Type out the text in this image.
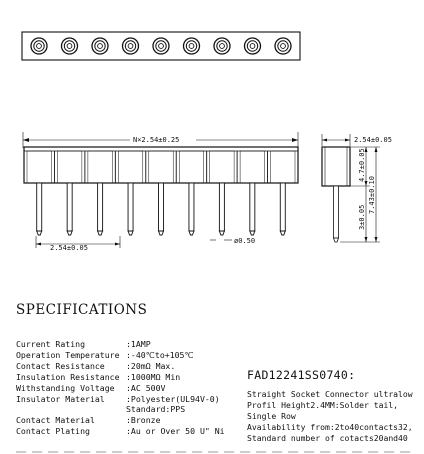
N×2.54±0.25
2.54±0.05
ø0.50
2.54±0.05
4.7±0.05
3±0.05
7.43±0.10
SPECIFICATIONS
Current Rating	:1AMP
Operation Temperature :-40℃to+105℃
Contact Resistance	:20mΩ Max.
Insulation Resistance :1000MΩ Min
Withstanding Voltage	:AC 500V
Insulator Material	:Polyester(UL94V-0)
Standard:PPS
Contact Material	:Bronze
Contact Plating	:Au or Over 50 U" Ni
FAD12241SS0740:
Straight Socket Connector ultralow
Profil Height2.4MM:Solder tail,
Single Row
Availability from:2to40contacts32,
Standard number of cotacts20and40
